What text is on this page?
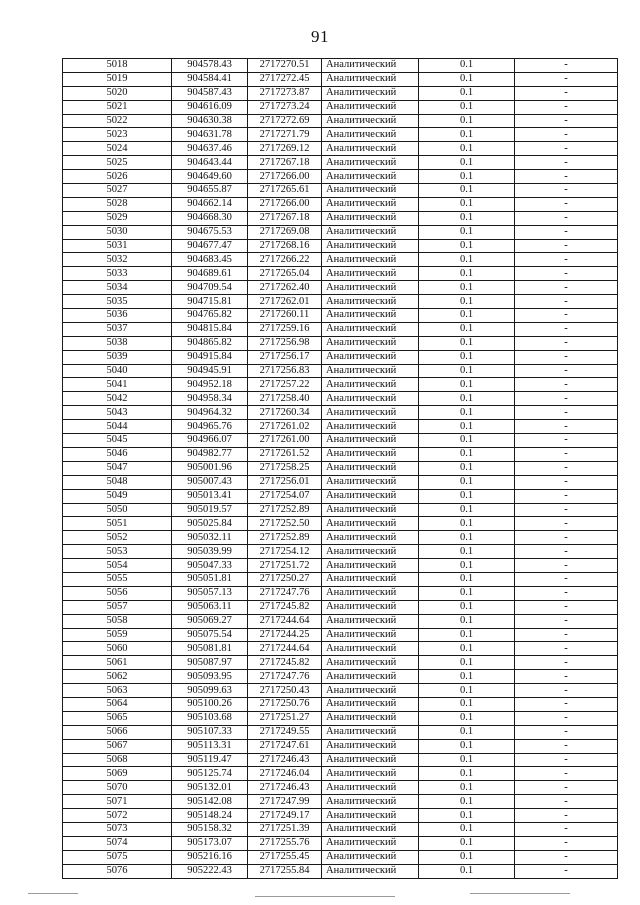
91
5018	904578.43	2717270.51	Аналитический	0.1	-
5019	904584.41	2717272.45	Аналитический	0.1	-
5020	904587.43	2717273.87	Аналитический	0.1	-
5021	904616.09	2717273.24	Аналитический	0.1	-
5022	904630.38	2717272.69	Аналитический	0.1	-
5023	904631.78	2717271.79	Аналитический	0.1	-
5024	904637.46	2717269.12	Аналитический	0.1	-
5025	904643.44	2717267.18	Аналитический	0.1	-
5026	904649.60	2717266.00	Аналитический	0.1	-
5027	904655.87	2717265.61	Аналитический	0.1	-
5028	904662.14	2717266.00	Аналитический	0.1	-
5029	904668.30	2717267.18	Аналитический	0.1	-
5030	904675.53	2717269.08	Аналитический	0.1	-
5031	904677.47	2717268.16	Аналитический	0.1	-
5032	904683.45	2717266.22	Аналитический	0.1	-
5033	904689.61	2717265.04	Аналитический	0.1	-
5034	904709.54	2717262.40	Аналитический	0.1	-
5035	904715.81	2717262.01	Аналитический	0.1	-
5036	904765.82	2717260.11	Аналитический	0.1	-
5037	904815.84	2717259.16	Аналитический	0.1	-
5038	904865.82	2717256.98	Аналитический	0.1	-
5039	904915.84	2717256.17	Аналитический	0.1	-
5040	904945.91	2717256.83	Аналитический	0.1	-
5041	904952.18	2717257.22	Аналитический	0.1	-
5042	904958.34	2717258.40	Аналитический	0.1	-
5043	904964.32	2717260.34	Аналитический	0.1	-
5044	904965.76	2717261.02	Аналитический	0.1	-
5045	904966.07	2717261.00	Аналитический	0.1	-
5046	904982.77	2717261.52	Аналитический	0.1	-
5047	905001.96	2717258.25	Аналитический	0.1	-
5048	905007.43	2717256.01	Аналитический	0.1	-
5049	905013.41	2717254.07	Аналитический	0.1	-
5050	905019.57	2717252.89	Аналитический	0.1	-
5051	905025.84	2717252.50	Аналитический	0.1	-
5052	905032.11	2717252.89	Аналитический	0.1	-
5053	905039.99	2717254.12	Аналитический	0.1	-
5054	905047.33	2717251.72	Аналитический	0.1	-
5055	905051.81	2717250.27	Аналитический	0.1	-
5056	905057.13	2717247.76	Аналитический	0.1	-
5057	905063.11	2717245.82	Аналитический	0.1	-
5058	905069.27	2717244.64	Аналитический	0.1	-
5059	905075.54	2717244.25	Аналитический	0.1	-
5060	905081.81	2717244.64	Аналитический	0.1	-
5061	905087.97	2717245.82	Аналитический	0.1	-
5062	905093.95	2717247.76	Аналитический	0.1	-
5063	905099.63	2717250.43	Аналитический	0.1	-
5064	905100.26	2717250.76	Аналитический	0.1	-
5065	905103.68	2717251.27	Аналитический	0.1	-
5066	905107.33	2717249.55	Аналитический	0.1	-
5067	905113.31	2717247.61	Аналитический	0.1	-
5068	905119.47	2717246.43	Аналитический	0.1	-
5069	905125.74	2717246.04	Аналитический	0.1	-
5070	905132.01	2717246.43	Аналитический	0.1	-
5071	905142.08	2717247.99	Аналитический	0.1	-
5072	905148.24	2717249.17	Аналитический	0.1	-
5073	905158.32	2717251.39	Аналитический	0.1	-
5074	905173.07	2717255.76	Аналитический	0.1	-
5075	905216.16	2717255.45	Аналитический	0.1	-
5076	905222.43	2717255.84	Аналитический	0.1	-
